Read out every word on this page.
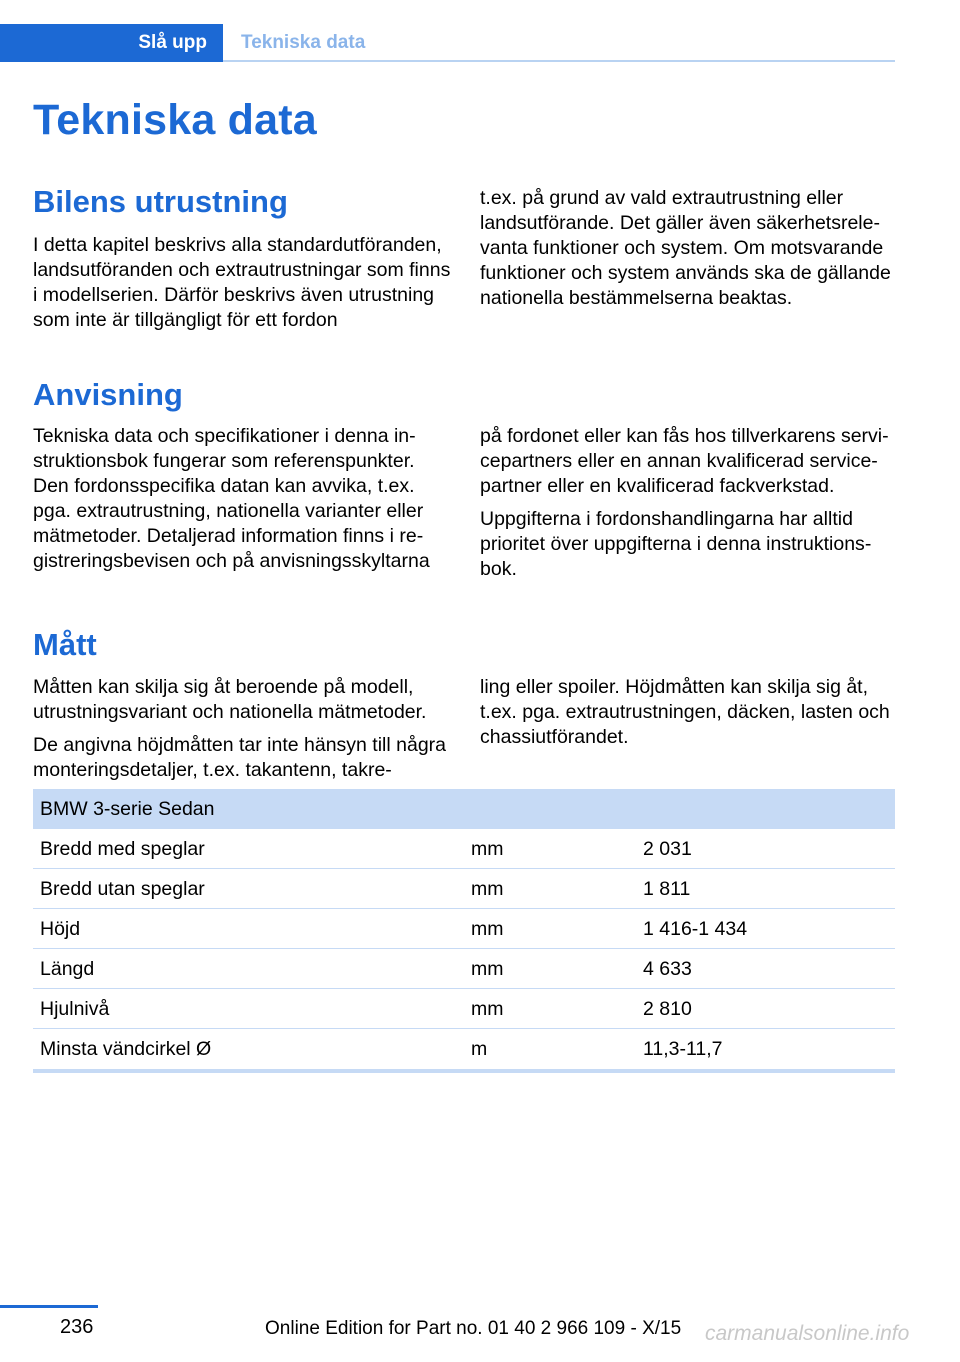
Slå upp	Tekniska data
Tekniska data
Bilens utrustning

I detta kapitel beskrivs alla standardutföranden, landsutföranden och extrautrustningar som finns i modellserien. Därför beskrivs även utrustning som inte är tillgängligt för ett fordon

t.ex. på grund av vald extrautrustning eller landsutförande. Det gäller även säkerhetsrelevanta funktioner och system. Om motsvarande funktioner och system används ska de gällande nationella bestämmelserna beaktas.

Anvisning

Tekniska data och specifikationer i denna instruktionsbok fungerar som referenspunkter. Den fordonsspecifika datan kan avvika, t.ex. pga. extrautrustning, nationella varianter eller mätmetoder. Detaljerad information finns i registreringsbevisen och på anvisningsskyltarna

på fordonet eller kan fås hos tillverkarens servicepartners eller en annan kvalificerad servicepartner eller en kvalificerad fackverkstad.

Uppgifterna i fordonshandlingarna har alltid prioritet över uppgifterna i denna instruktionsbok.

Mått

Måtten kan skilja sig åt beroende på modell, utrustningsvariant och nationella mätmetoder.

De angivna höjdmåtten tar inte hänsyn till några monteringsdetaljer, t.ex. takantenn, takre-

ling eller spoiler. Höjdmåtten kan skilja sig åt, t.ex. pga. extrautrustningen, däcken, lasten och chassiutförandet.

BMW 3-serie Sedan
Bredd med speglar	mm	2 031
Bredd utan speglar	mm	1 811
Höjd	mm	1 416-1 434
Längd	mm	4 633
Hjulnivå	mm	2 810
Minsta vändcirkel Ø	m	11,3-11,7
236	Online Edition for Part no. 01 40 2 966 109 - X/15 carmanualsonline.info
